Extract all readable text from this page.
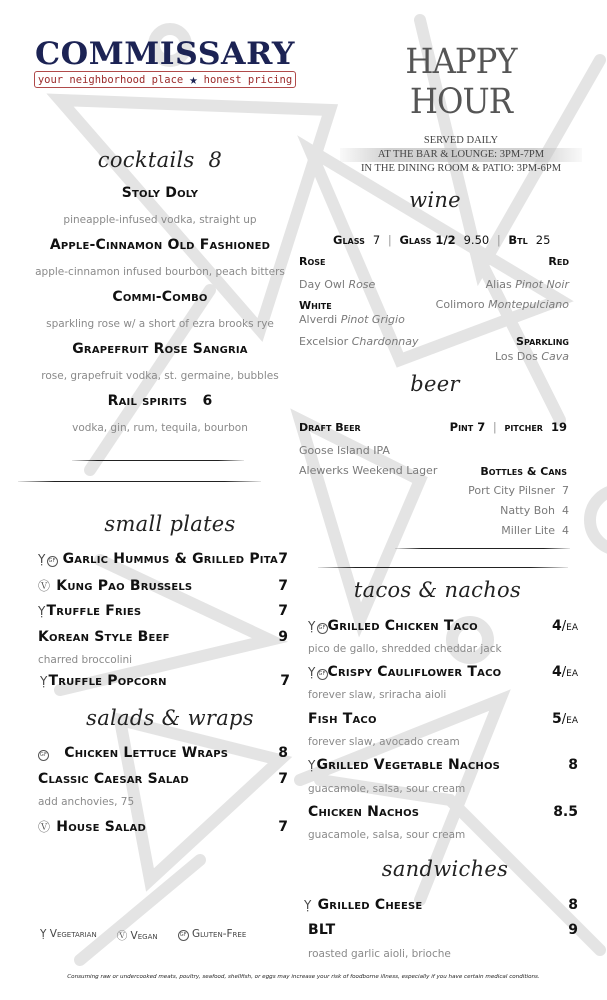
COMMISSARY
your neighborhood place ★ honest pricing	HAPPY HOUR
SERVED DAILY
AT THE BAR & LOUNGE: 3PM-7PM
IN THE DINING ROOM & PATIO: 3PM-6PM
cocktails 8
Stoly Doly
pineapple-infused vodka, straight up
Apple-Cinnamon Old Fashioned
apple-cinnamon infused bourbon, peach bitters
Commi-Combo
sparkling rose w/ a short of ezra brooks rye
Grapefruit Rose Sangria
rose, grapefruit vodka, st. germaine, bubbles
Rail spirits 6
vodka, gin, rum, tequila, bourbon
wine
Glass 7  |  Glass 1/2 9.50  |  Btl 25
Rose	Red
Day Owl Rose	Alias Pinot Noir
White	Colimoro Montepulciano
Alverdi Pinot Grigio
Excelsior Chardonnay	Sparkling
Los Dos Cava
beer
Draft Beer	Pint 7  |  pitcher 19
Goose Island IPA
Alewerks Weekend Lager	Bottles & Cans
Port City Pilsner 7
Natty Boh 4
Miller Lite 4
small plates
Ỵ GF Garlic Hummus & Grilled Pita 7
Ⓥ Kung Pao Brussels	7
ỴTruffle Fries	7
Korean Style Beef	9
charred broccolini
ỴTruffle Popcorn	7
salads & wraps
GF Chicken Lettuce Wraps	8
Classic Caesar Salad	7
add anchovies, 75
Ⓥ House Salad	7
tacos & nachos
Ỵ GF Grilled Chicken Taco	4/ea
pico de gallo, shredded cheddar jack
Ỵ GF Crispy Cauliflower Taco	4/ea
forever slaw, sriracha aioli
Fish Taco	5/ea
forever slaw, avocado cream
ỴGrilled Vegetable Nachos	8
guacamole, salsa, sour cream
Chicken Nachos	8.5
guacamole, salsa, sour cream
sandwiches
Ỵ Grilled Cheese	8
BLT	9
roasted garlic aioli, brioche
Ỵ Vegetarian Ⓥ Vegan	GF Gluten-Free
Consuming raw or undercooked meats, poultry, seafood, shellfish, or eggs may increase your risk of foodborne illness, especially if you have certain medical conditions.
